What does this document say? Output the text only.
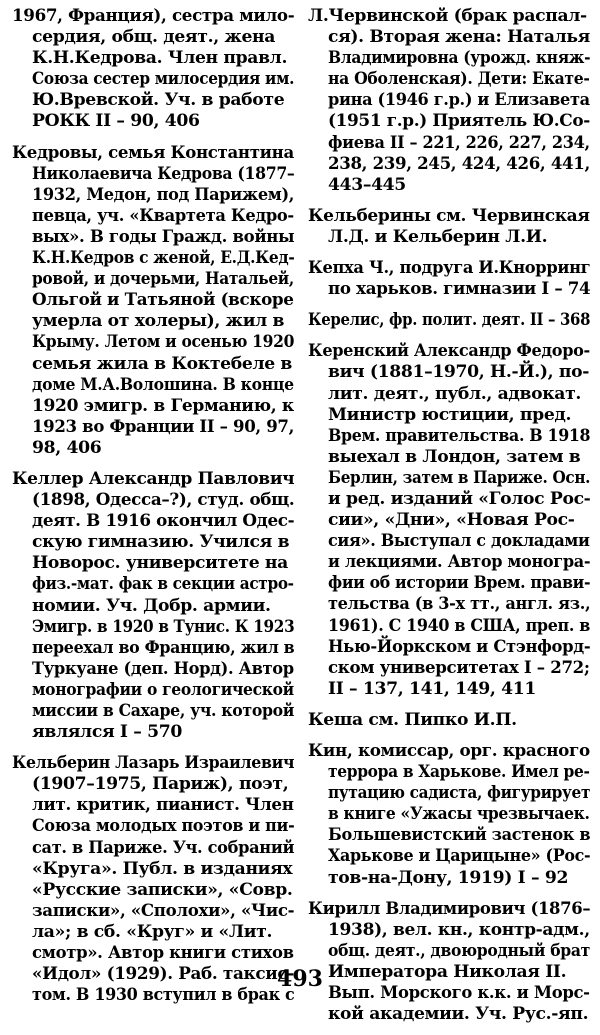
1967, Франция), сестра мило-
сердия, общ. деят., жена
К.Н.Кедрова. Член правл.
Союза сестер милосердия им.
Ю.Вревской. Уч. в работе
РОКК II – 90, 406
Кедровы, семья Константина
Николаевича Кедрова (1877–
1932, Медон, под Парижем),
певца, уч. «Квартета Кедро-
вых». В годы Гражд. войны
К.Н.Кедров с женой, Е.Д.Кед-
ровой, и дочерьми, Натальей,
Ольгой и Татьяной (вскоре
умерла от холеры), жил в
Крыму. Летом и осенью 1920
семья жила в Коктебеле в
доме М.А.Волошина. В конце
1920 эмигр. в Германию, к
1923 во Франции II – 90, 97,
98, 406
Келлер Александр Павлович
(1898, Одесса–?), студ. общ.
деят. В 1916 окончил Одес-
скую гимназию. Учился в
Новорос. университете на
физ.-мат. фак в секции астро-
номии. Уч. Добр. армии.
Эмигр. в 1920 в Тунис. К 1923
переехал во Францию, жил в
Туркуане (деп. Норд). Автор
монографии о геологической
миссии в Сахаре, уч. которой
являлся I – 570
Кельберин Лазарь Израилевич
(1907–1975, Париж), поэт,
лит. критик, пианист. Член
Союза молодых поэтов и пи-
сат. в Париже. Уч. собраний
«Круга». Публ. в изданиях
«Русские записки», «Совр.
записки», «Сполохи», «Чис-
ла»; в сб. «Круг» и «Лит.
смотр». Автор книги стихов
«Идол» (1929). Раб. таксис-
том. В 1930 вступил в брак с
Л.Червинской (брак распал-
ся). Вторая жена: Наталья
Владимировна (урожд. княж-
на Оболенская). Дети: Екате-
рина (1946 г.р.) и Елизавета
(1951 г.р.) Приятель Ю.Со-
фиева II – 221, 226, 227, 234,
238, 239, 245, 424, 426, 441,
443–445
Кельберины см. Червинская
Л.Д. и Кельберин Л.И.
Кепха Ч., подруга И.Кнорринг
по харьков. гимназии I – 74
Керелис, фр. полит. деят. II – 368
Керенский Александр Федоро-
вич (1881–1970, Н.-Й.), по-
лит. деят., публ., адвокат.
Министр юстиции, пред.
Врем. правительства. В 1918
выехал в Лондон, затем в
Берлин, затем в Париже. Осн.
и ред. изданий «Голос Рос-
сии», «Дни», «Новая Рос-
сия». Выступал с докладами
и лекциями. Автор моногра-
фии об истории Врем. прави-
тельства (в 3-х тт., англ. яз.,
1961). С 1940 в США, преп. в
Нью-Йоркском и Стэнфорд-
ском университетах I – 272;
II – 137, 141, 149, 411
Кеша см. Пипко И.П.
Кин, комиссар, орг. красного
террора в Харькове. Имел ре-
путацию садиста, фигурирует
в книге «Ужасы чрезвычаек.
Большевистский застенок в
Харькове и Царицыне» (Рос-
тов-на-Дону, 1919) I – 92
Кирилл Владимирович (1876–
1938), вел. кн., контр-адм.,
общ. деят., двоюродный брат
Императора Николая II.
Вып. Морского к.к. и Морс-
кой академии. Уч. Рус.-яп.
493
